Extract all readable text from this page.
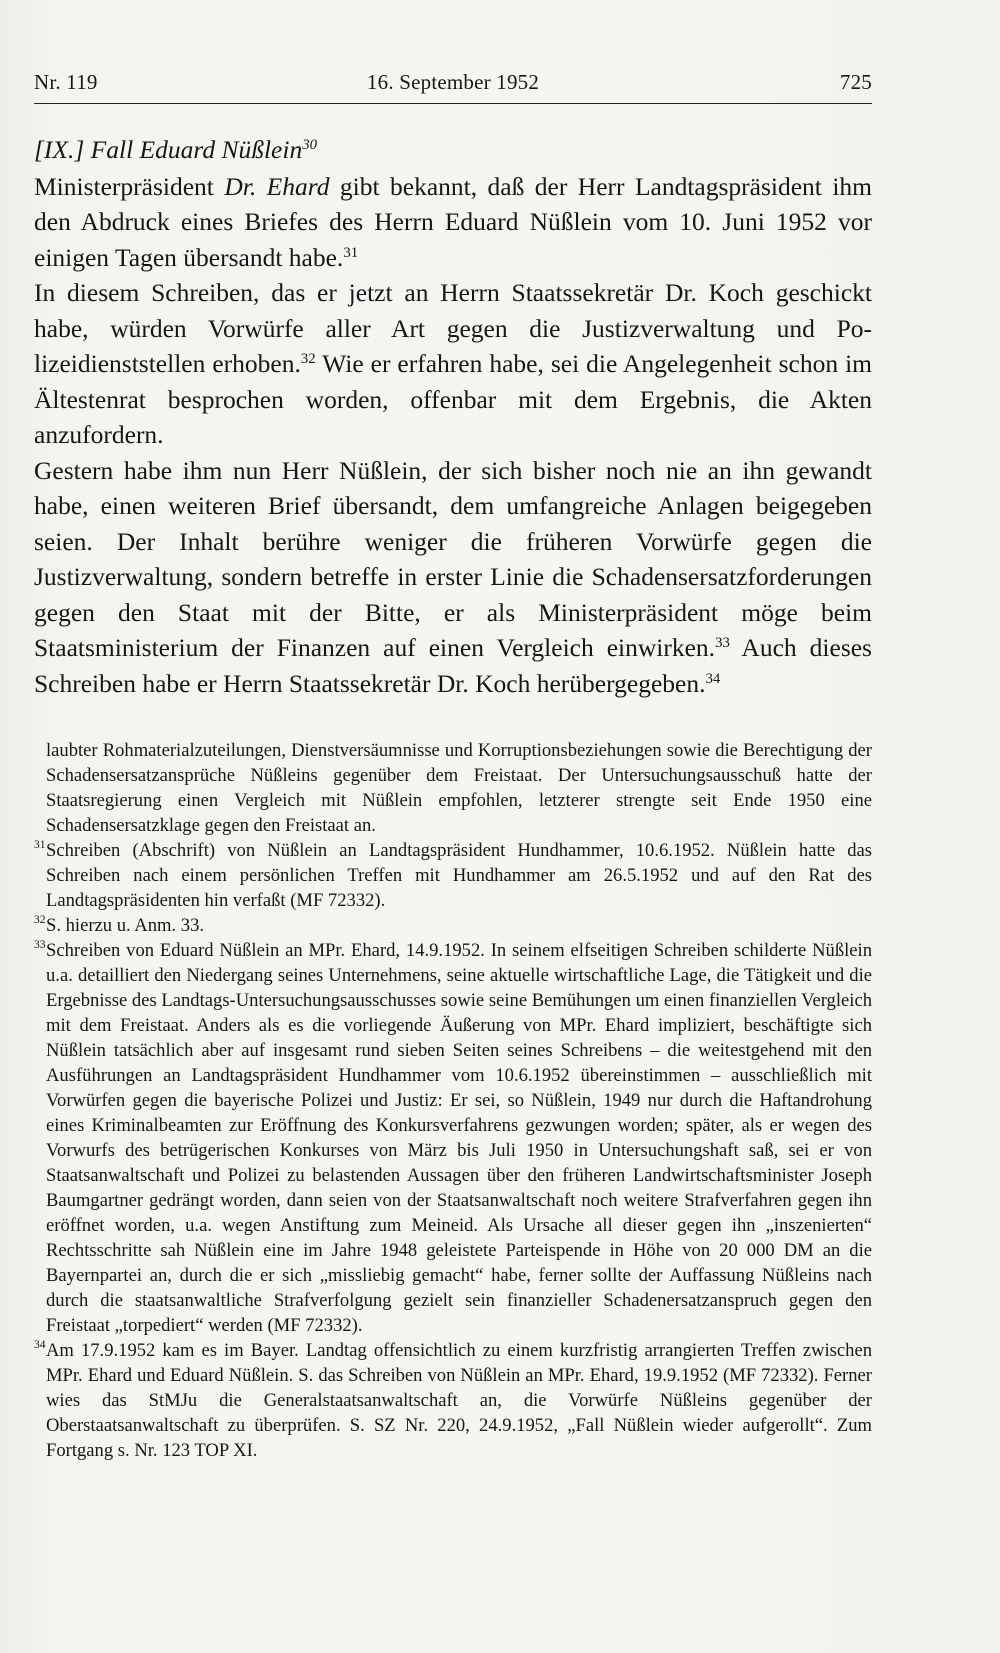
Nr. 119	16. September 1952	725
[IX.] Fall Eduard Nüßlein$^{30}$

Ministerpräsident Dr. Ehard gibt bekannt, daß der Herr Landtagspräsident ihm den Abdruck eines Briefes des Herrn Eduard Nüßlein vom 10. Juni 1952 vor einigen Tagen übersandt habe.$^{31}$

In diesem Schreiben, das er jetzt an Herrn Staatssekretär Dr. Koch geschickt habe, würden Vorwürfe aller Art gegen die Justizverwaltung und Polizeidienststellen erhoben.$^{32}$ Wie er erfahren habe, sei die Angelegenheit schon im Ältestenrat besprochen worden, offenbar mit dem Ergebnis, die Akten anzufordern.

Gestern habe ihm nun Herr Nüßlein, der sich bisher noch nie an ihn gewandt habe, einen weiteren Brief übersandt, dem umfangreiche Anlagen beigegeben seien. Der Inhalt berühre weniger die früheren Vorwürfe gegen die Justizverwaltung, sondern betreffe in erster Linie die Schadensersatzforderungen gegen den Staat mit der Bitte, er als Ministerpräsident möge beim Staatsministerium der Finanzen auf einen Vergleich einwirken.$^{33}$ Auch dieses Schreiben habe er Herrn Staatssekretär Dr. Koch herübergegeben.$^{34}$

laubter Rohmaterialzuteilungen, Dienstversäumnisse und Korruptionsbeziehungen sowie die Berechtigung der Schadensersatzansprüche Nüßleins gegenüber dem Freistaat. Der Untersuchungsausschuß hatte der Staatsregierung einen Vergleich mit Nüßlein empfohlen, letzterer strengte seit Ende 1950 eine Schadensersatzklage gegen den Freistaat an.

31 Schreiben (Abschrift) von Nüßlein an Landtagspräsident Hundhammer, 10.6.1952. Nüßlein hatte das Schreiben nach einem persönlichen Treffen mit Hundhammer am 26.5.1952 und auf den Rat des Landtagspräsidenten hin verfaßt (MF 72332).
32 S. hierzu u. Anm. 33.
33 Schreiben von Eduard Nüßlein an MPr. Ehard, 14.9.1952. In seinem elfseitigen Schreiben schilderte Nüßlein u.a. detailliert den Niedergang seines Unternehmens, seine aktuelle wirtschaftliche Lage, die Tätigkeit und die Ergebnisse des Landtags-Untersuchungsausschusses sowie seine Bemühungen um einen finanziellen Vergleich mit dem Freistaat. Anders als es die vorliegende Äußerung von MPr. Ehard impliziert, beschäftigte sich Nüßlein tatsächlich aber auf insgesamt rund sieben Seiten seines Schreibens – die weitestgehend mit den Ausführungen an Landtagspräsident Hundhammer vom 10.6.1952 übereinstimmen – ausschließlich mit Vorwürfen gegen die bayerische Polizei und Justiz: Er sei, so Nüßlein, 1949 nur durch die Haftandrohung eines Kriminalbeamten zur Eröffnung des Konkursverfahrens gezwungen worden; später, als er wegen des Vorwurfs des betrügerischen Konkurses von März bis Juli 1950 in Untersuchungshaft saß, sei er von Staatsanwaltschaft und Polizei zu belastenden Aussagen über den früheren Landwirtschaftsminister Joseph Baumgartner gedrängt worden, dann seien von der Staatsanwaltschaft noch weitere Strafverfahren gegen ihn eröffnet worden, u.a. wegen Anstiftung zum Meineid. Als Ursache all dieser gegen ihn „inszenierten“ Rechtsschritte sah Nüßlein eine im Jahre 1948 geleistete Parteispende in Höhe von 20 000 DM an die Bayernpartei an, durch die er sich „missliebig gemacht“ habe, ferner sollte der Auffassung Nüßleins nach durch die staatsanwaltliche Strafverfolgung gezielt sein finanzieller Schadenersatzanspruch gegen den Freistaat „torpediert“ werden (MF 72332).
34 Am 17.9.1952 kam es im Bayer. Landtag offensichtlich zu einem kurzfristig arrangierten Treffen zwischen MPr. Ehard und Eduard Nüßlein. S. das Schreiben von Nüßlein an MPr. Ehard, 19.9.1952 (MF 72332). Ferner wies das StMJu die Generalstaatsanwaltschaft an, die Vorwürfe Nüßleins gegenüber der Oberstaatsanwaltschaft zu überprüfen. S. SZ Nr. 220, 24.9.1952, „Fall Nüßlein wieder aufgerollt“. Zum Fortgang s. Nr. 123 TOP XI.
